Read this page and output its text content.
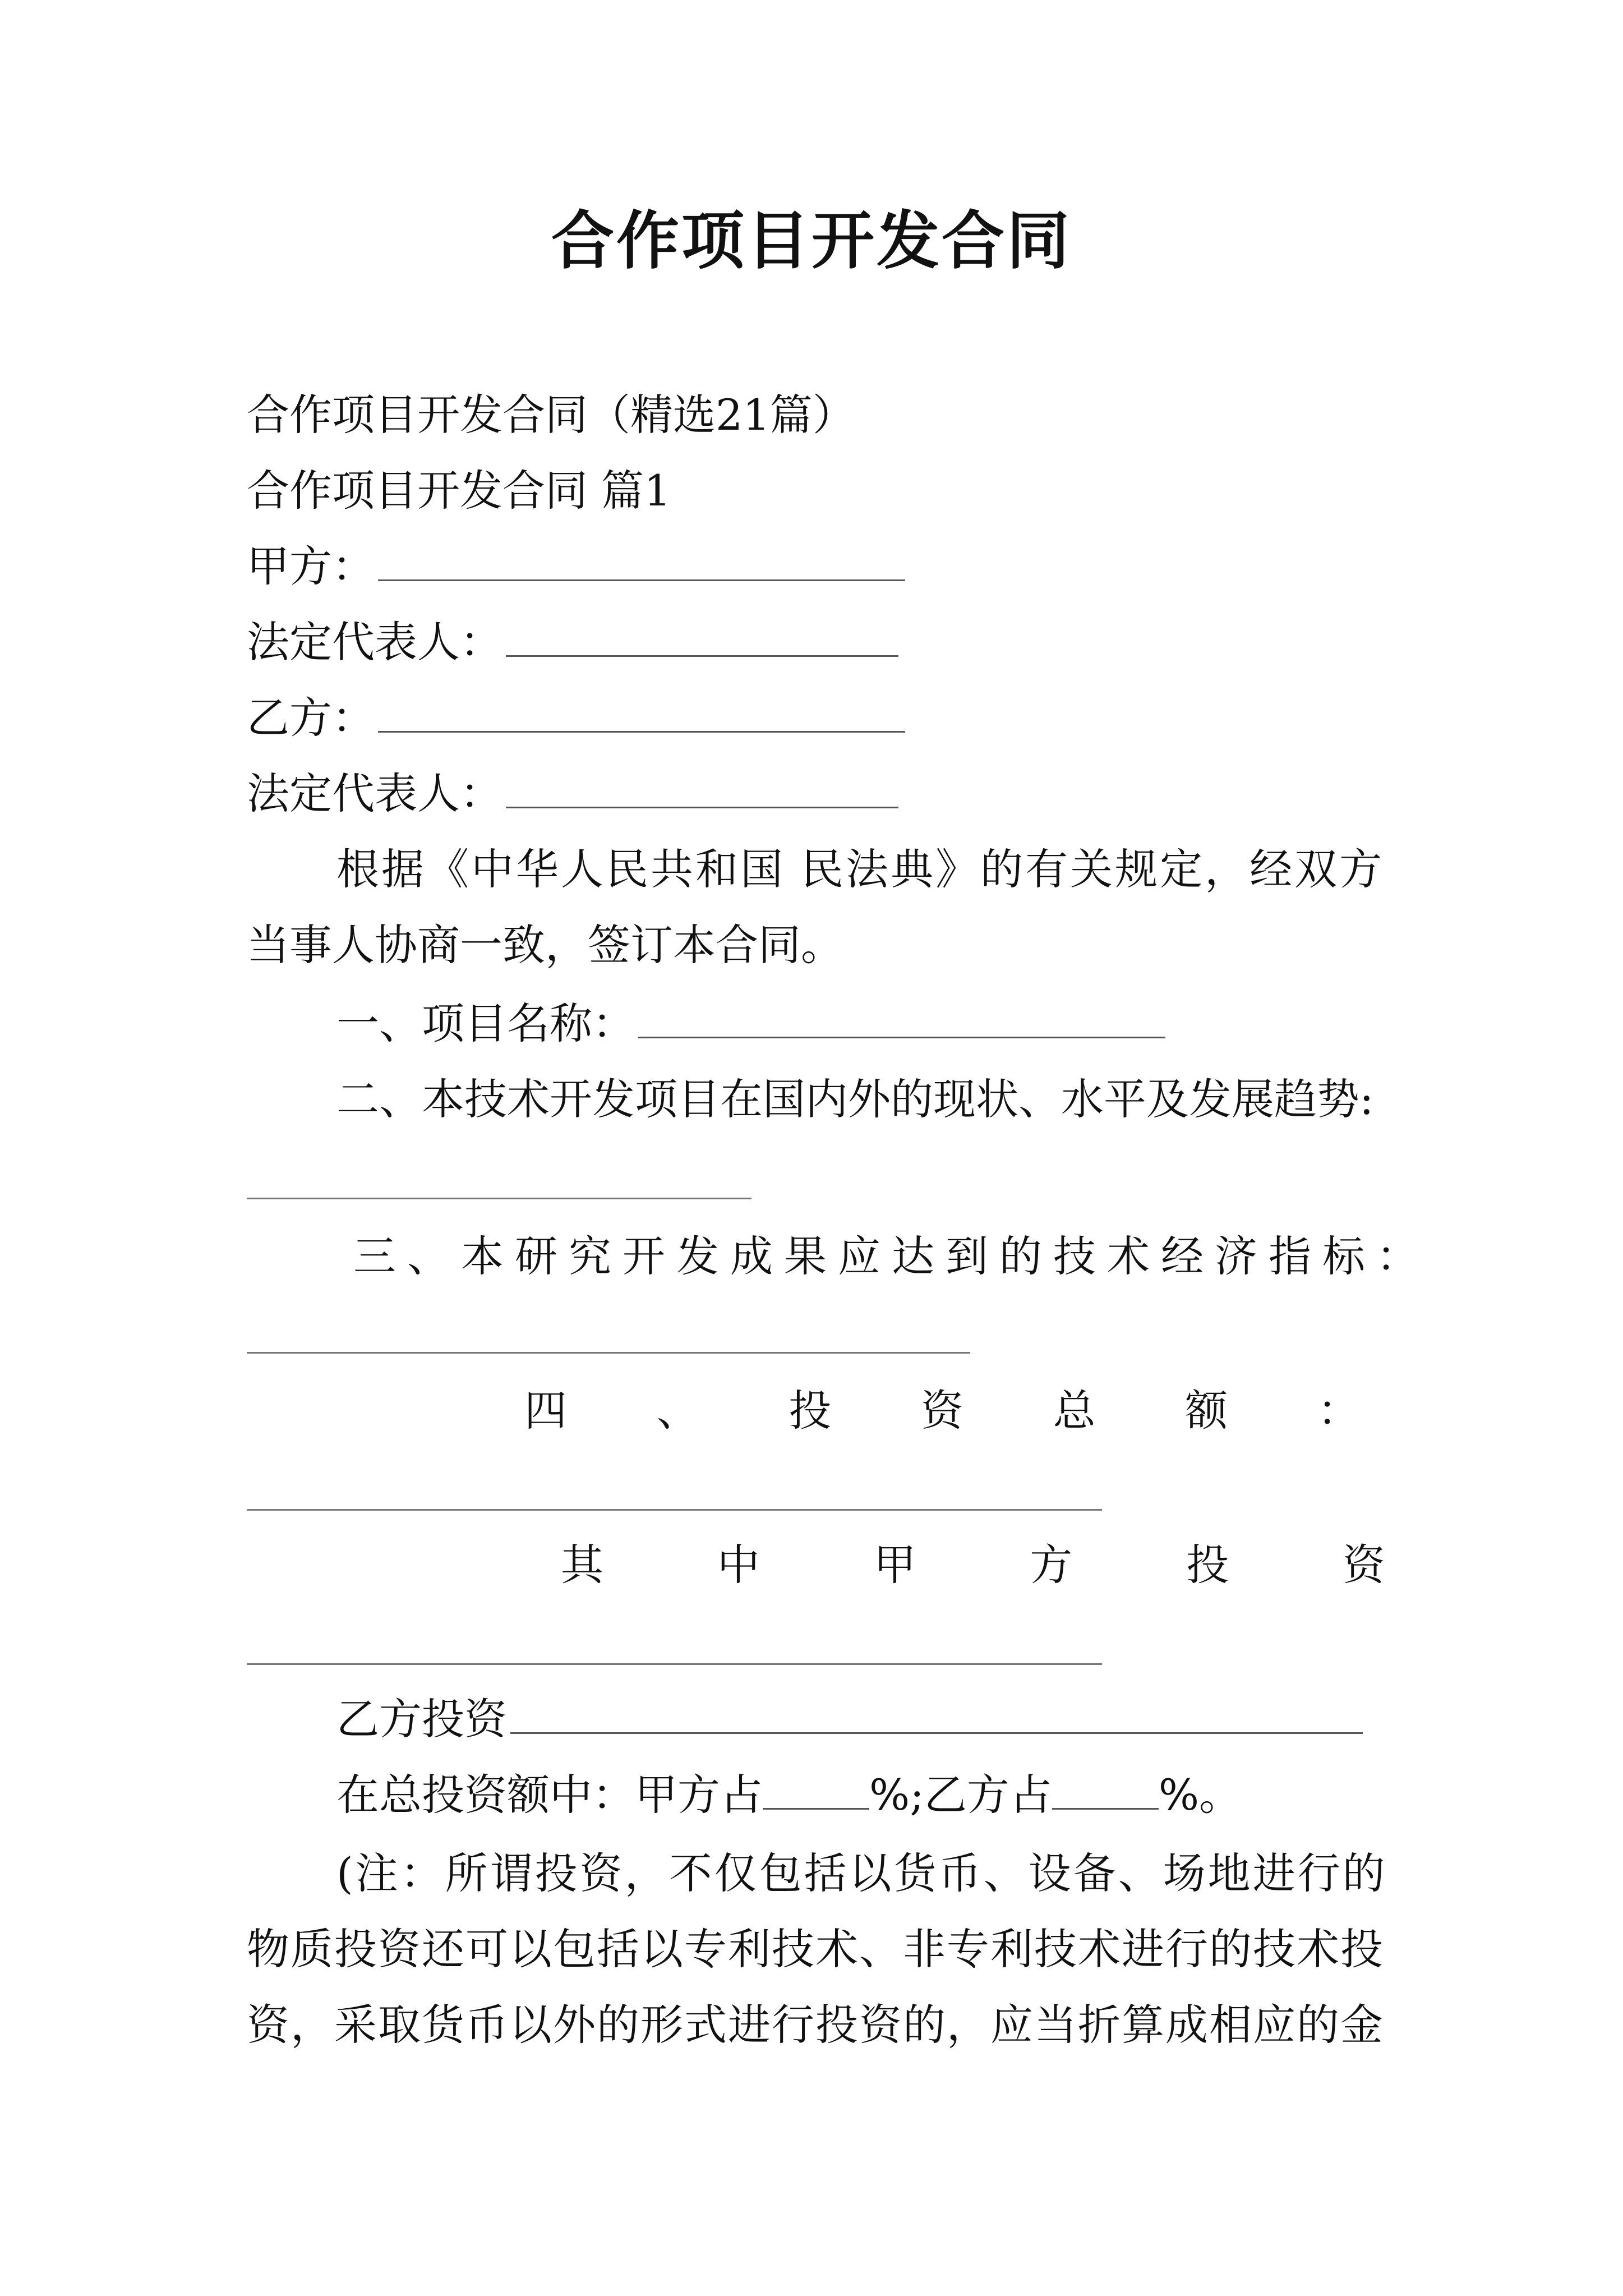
合作项目开发合同
合作项目开发合同（精选21篇）
合作项目开发合同 篇1
甲方：
法定代表人：
乙方：
法定代表人：
根据《中华人民共和国 民法典》的有关规定，经双方
当事人协商一致，签订本合同。
一、项目名称：
二、本技术开发项目在国内外的现状、水平及发展趋势:
三、本研究开发成果应达到的技术经济指标：
四 、 投 资 总 额 ：
其	中	甲	方	投	资
乙方投资
在总投资额中：甲方占	%;乙方占	%。
(注：所谓投资，不仅包括以货币、设备、场地进行的
物质投资还可以包括以专利技术、非专利技术进行的技术投
资，采取货币以外的形式进行投资的，应当折算成相应的金
